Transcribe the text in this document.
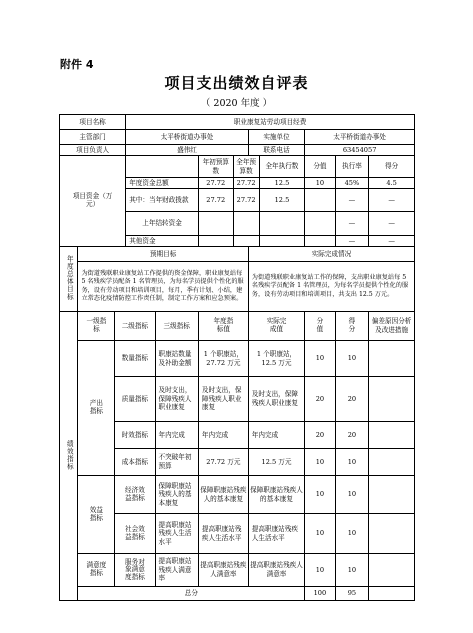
附件 4
项目支出绩效自评表
（ 2020 年度 ）
项目名称			职业康复站劳动项目经费								
主管部门			太平桥街道办事处				实施单位		太平桥街道办事处		
项目负责人			盛伟红				联系电话		63454057		
项目资金（万元）					年初预算数	全年预算数		全年执行数	分值	执行率	得分
			年度资金总额		27.72	27.72		12.5	10	45%	4.5
			其中：当年财政拨款		27.72	27.72		12.5		—	—
			上年结转资金							—	—
			其他资金							—	—
年度总体目标	预期目标						实际完成情况				
	为街道残联职业康复站工作提供的资金保障，职业康复站每 5 名残疾学员配备 1 名管理员，为每名学员提供个性化的服务，设有劳动项目和培训项目，每月，季有计划、小结，建立常态化疫情防控工作责任制，制定工作方案和应急预案。						为街道残联职业康复站工作的保障，支出职业康复站每 5 名残疾学员配备 1 名管理员，为每名学员提供个性化的服务，设有劳动项目和培训项目，共支出 12.5 万元。				
绩效指标	一级指标	二级指标		三级指标	年度指标值		实际完成值		分值	得分	偏差原因分析及改进措施
	产出指标	数量指标		职康站数量及补助金额	1 个职康站，27.72 万元		1 个职康站，12.5 万元		10	10	
		质量指标		及时支出，保障残疾人职业康复	及时支出，保障残疾人职业康复		及时支出，保障残疾人职业康复		20	20	
		时效指标		年内完成	年内完成		年内完成		20	20	
		成本指标		不突破年初预算	27.72 万元		12.5 万元		10	10	
	效益指标	经济效益指标		保障职康站残疾人的基本康复	保障职康站残疾人的基本康复		保障职康站残疾人的基本康复		10	10	
		社会效益指标		提高职康站残疾人生活水平	提高职康站残疾人生活水平		提高职康站残疾人生活水平		10	10	
	满意度指标	服务对象满意度指标		提高职康站残疾人满意率	提高职康站残疾人满意率		提高职康站残疾人满意率		10	10	
	总分								100	95	
